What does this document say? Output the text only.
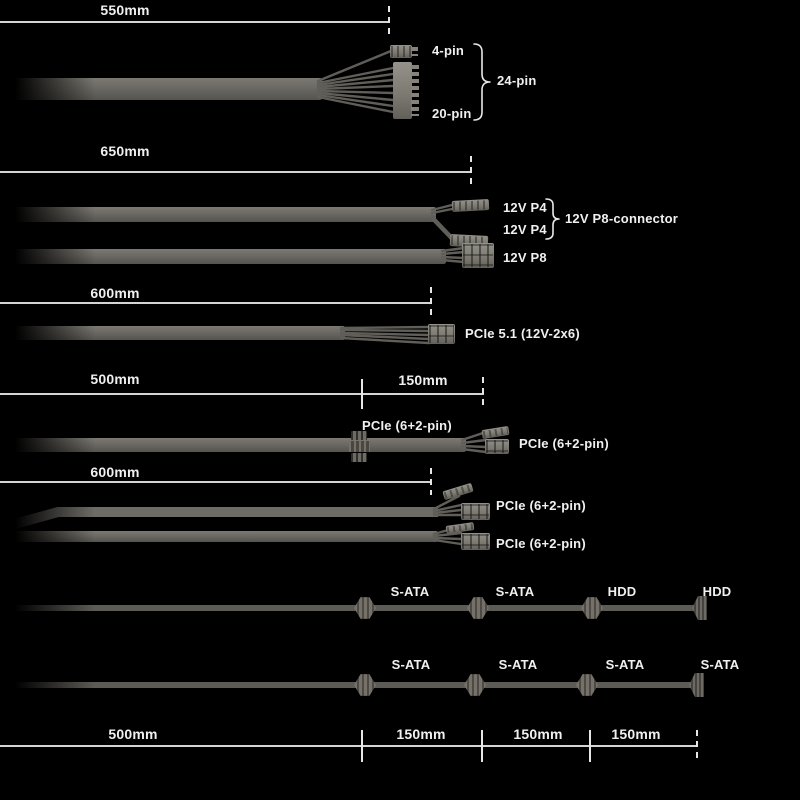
550mm
4-pin
20-pin
24-pin
650mm
12V P4
12V P4
12V P8-connector
12V P8
600mm
PCIe 5.1 (12V-2x6)
500mm	150mm
PCIe (6+2-pin)
PCIe (6+2-pin)
600mm
PCIe (6+2-pin)
PCIe (6+2-pin)
S-ATA	S-ATA	HDD	HDD
S-ATA	S-ATA	S-ATA	S-ATA
500mm	150mm	150mm	150mm
